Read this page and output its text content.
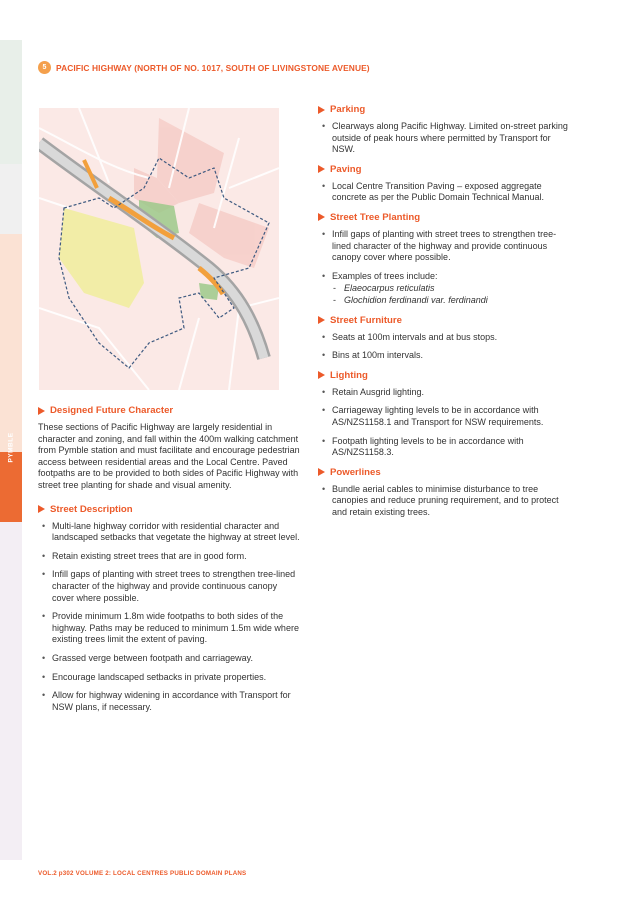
PYMBLE
5	PACIFIC HIGHWAY (NORTH OF NO. 1017, SOUTH OF LIVINGSTONE AVENUE)
Designed Future Character

These sections of Pacific Highway are largely residential in character and zoning, and fall within the 400m walking catchment from Pymble station and must facilitate and encourage pedestrian access between residential areas and the Local Centre. Paved footpaths are to be provided to both sides of Pacific Highway with street tree planting for shade and visual amenity.

Street Description
• Multi-lane highway corridor with residential character and landscaped setbacks that vegetate the highway at street level.
• Retain existing street trees that are in good form.
• Infill gaps of planting with street trees to strengthen tree-lined character of the highway and provide continuous canopy cover where possible.
• Provide minimum 1.8m wide footpaths to both sides of the highway. Paths may be reduced to minimum 1.5m wide where existing trees limit the extent of paving.
• Grassed verge between footpath and carriageway.
• Encourage landscaped setbacks in private properties.
• Allow for highway widening in accordance with Transport for NSW plans, if necessary.
Parking
• Clearways along Pacific Highway. Limited on-street parking outside of peak hours where permitted by Transport for NSW.
Paving
• Local Centre Transition Paving – exposed aggregate concrete as per the Public Domain Technical Manual.
Street Tree Planting
• Infill gaps of planting with street trees to strengthen tree-lined character of the highway and provide continuous canopy cover where possible.
• Examples of trees include:
- Elaeocarpus reticulatis
- Glochidion ferdinandi var. ferdinandi
Street Furniture
• Seats at 100m intervals and at bus stops.
• Bins at 100m intervals.
Lighting
• Retain Ausgrid lighting.
• Carriageway lighting levels to be in accordance with AS/NZS1158.1 and Transport for NSW requirements.
• Footpath lighting levels to be in accordance with AS/NZS1158.3.
Powerlines
• Bundle aerial cables to minimise disturbance to tree canopies and reduce pruning requirement, and to protect and retain existing trees.
VOL.2 p302 VOLUME 2: LOCAL CENTRES PUBLIC DOMAIN PLANS
